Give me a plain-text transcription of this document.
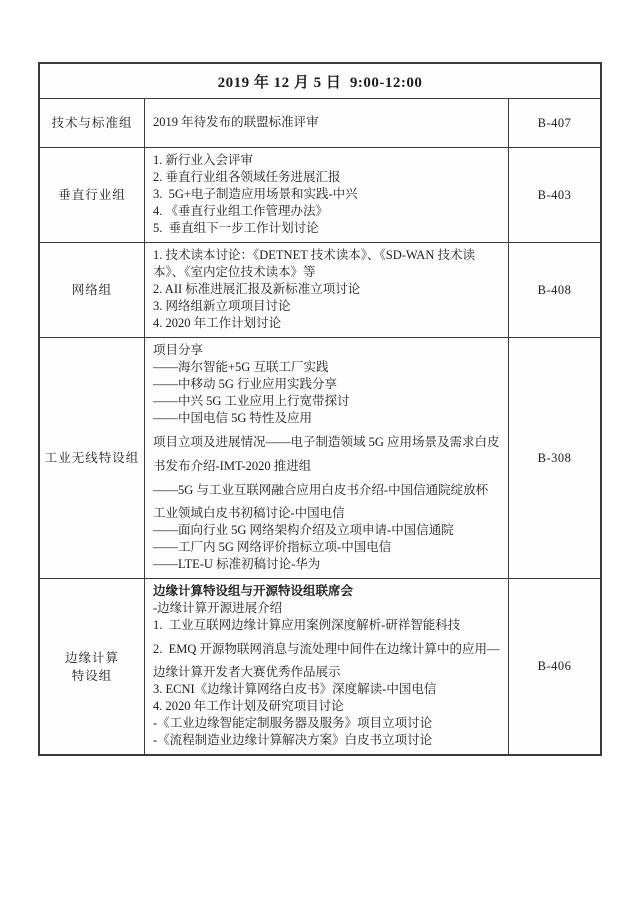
2019 年 12 月 5 日  9:00-12:00
技术与标准组 2019 年待发布的联盟标准评审	B-407
垂直行业组
1. 新行业入会评审
2. 垂直行业组各领域任务进展汇报
3.  5G+电子制造应用场景和实践-中兴
4. 《垂直行业组工作管理办法》
5.  垂直组下一步工作计划讨论
B-403
网络组
1. 技术读本讨论：《DETNET 技术读本》、《SD-WAN 技术读本》、《室内定位技术读本》等
2. AII 标准进展汇报及新标准立项讨论
3. 网络组新立项项目讨论
4. 2020 年工作计划讨论
B-408
工业无线特设组
项目分享
——海尔智能+5G 互联工厂实践
——中移动 5G 行业应用实践分享
——中兴 5G 工业应用上行宽带探讨
——中国电信 5G 特性及应用
项目立项及进展情况——电子制造领域 5G 应用场景及需求白皮书发布介绍-IMT-2020 推进组
——5G 与工业互联网融合应用白皮书介绍-中国信通院绽放杯
工业领域白皮书初稿讨论-中国电信
——面向行业 5G 网络架构介绍及立项申请-中国信通院
——工厂内 5G 网络评价指标立项-中国电信
——LTE-U 标准初稿讨论-华为
B-308
边缘计算
特设组
边缘计算特设组与开源特设组联席会
-边缘计算开源进展介绍
1.  工业互联网边缘计算应用案例深度解析-研祥智能科技
2.  EMQ 开源物联网消息与流处理中间件在边缘计算中的应用—
边缘计算开发者大赛优秀作品展示
3. ECNI《边缘计算网络白皮书》深度解读-中国电信
4. 2020 年工作计划及研究项目讨论
-《工业边缘智能定制服务器及服务》项目立项讨论
-《流程制造业边缘计算解决方案》白皮书立项讨论
B-406
